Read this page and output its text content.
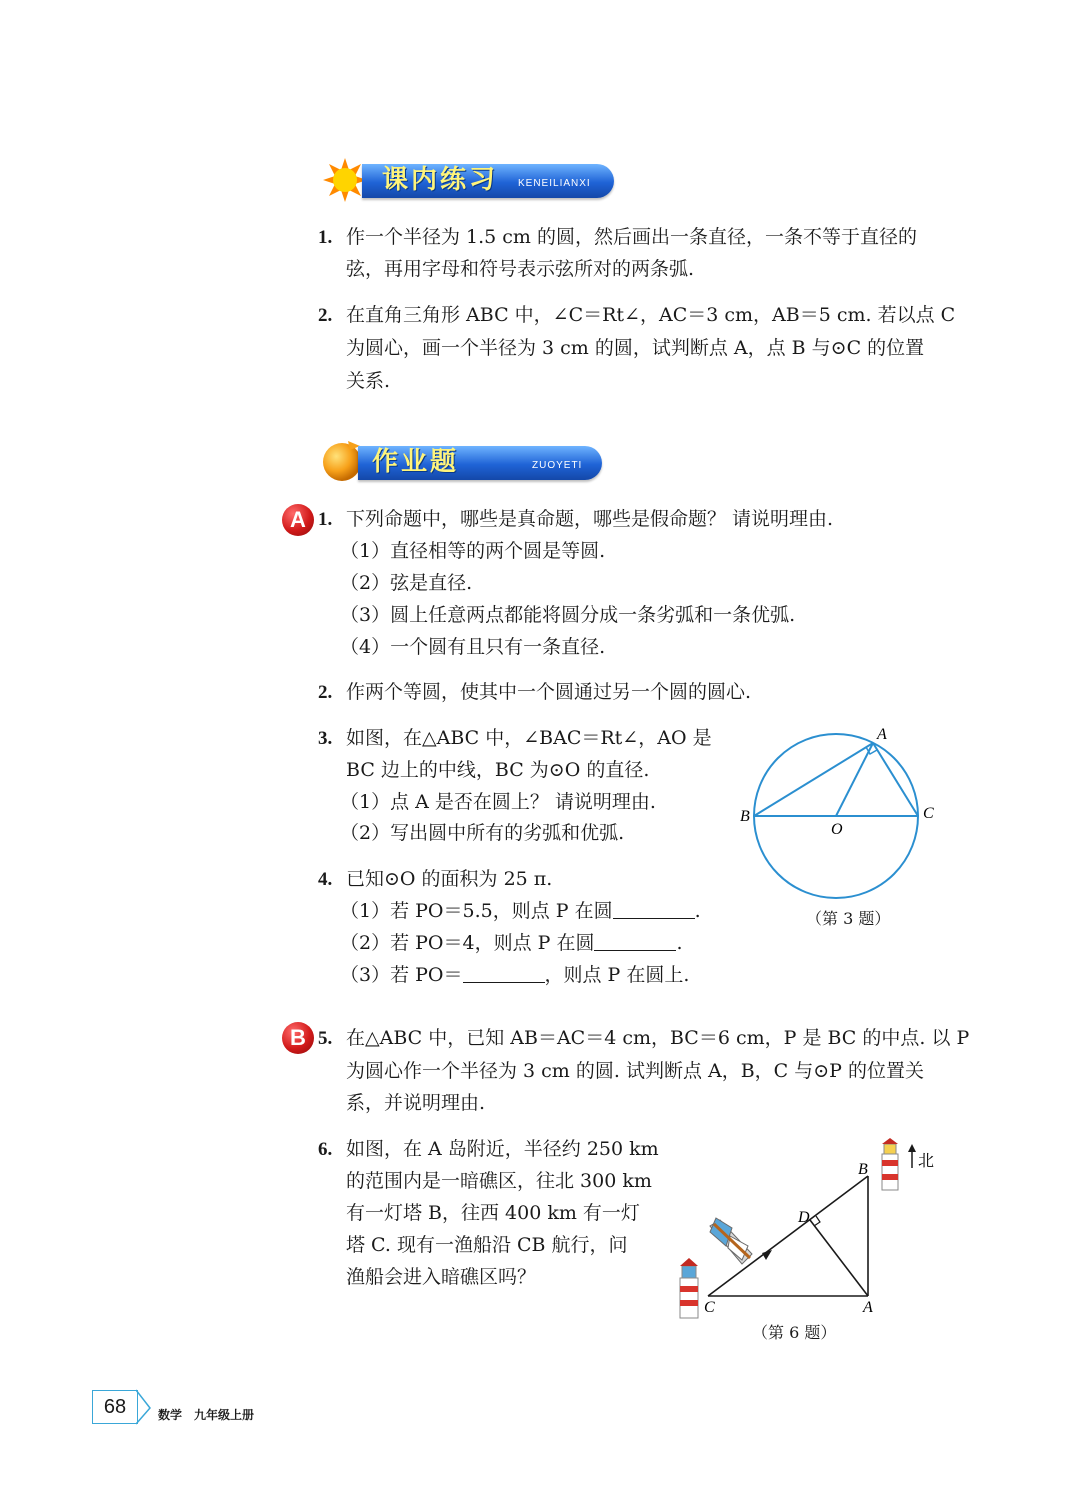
课内练习 KENEILIANXI
1. 作一个半径为 1.5 cm 的圆，然后画出一条直径，一条不等于直径的
弦，再用字母和符号表示弦所对的两条弧.
2. 在直角三角形 ABC 中，∠C＝Rt∠，AC＝3 cm，AB＝5 cm. 若以点 C
为圆心，画一个半径为 3 cm 的圆，试判断点 A，点 B 与⊙C 的位置
关系.
作业题	ZUOYETI
A 1. 下列命题中，哪些是真命题，哪些是假命题？ 请说明理由.
（1）直径相等的两个圆是等圆.
（2）弦是直径.
（3）圆上任意两点都能将圆分成一条劣弧和一条优弧.
（4）一个圆有且只有一条直径.
2. 作两个等圆，使其中一个圆通过另一个圆的圆心.
3. 如图，在△ABC 中，∠BAC＝Rt∠，AO 是
BC 边上的中线，BC 为⊙O 的直径.
（1）点 A 是否在圆上？ 请说明理由.
（2）写出圆中所有的劣弧和优弧.
A
B	C
O
（第 3 题）
4. 已知⊙O 的面积为 25 π.
（1）若 PO＝5.5，则点 P 在圆	.
（2）若 PO＝4，则点 P 在圆	.
（3）若 PO＝	，则点 P 在圆上.
B 5. 在△ABC 中，已知 AB＝AC＝4 cm，BC＝6 cm，P 是 BC 的中点. 以 P
为圆心作一个半径为 3 cm 的圆. 试判断点 A，B，C 与⊙P 的位置关
系，并说明理由.
6. 如图，在 A 岛附近，半径约 250 km
的范围内是一暗礁区，往北 300 km
有一灯塔 B，往西 400 km 有一灯
塔 C. 现有一渔船沿 CB 航行，问
渔船会进入暗礁区吗？
B
D
C	A
北
（第 6 题）
68	数学　九年级上册
